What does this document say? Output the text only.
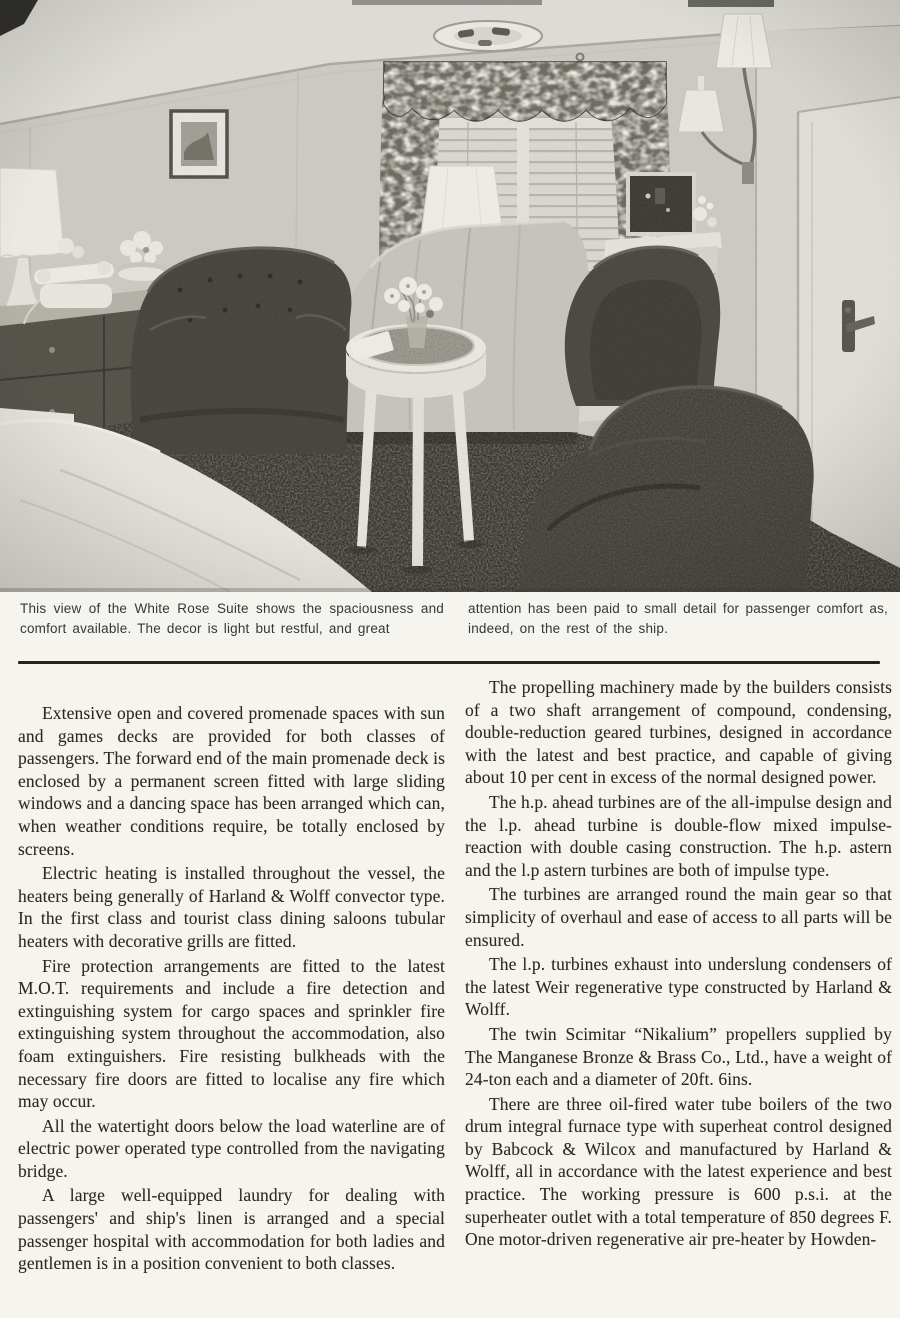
This view of the White Rose Suite shows the spaciousness and comfort available. The decor is light but restful, and great

attention has been paid to small detail for passenger comfort as, indeed, on the rest of the ship.

Extensive open and covered promenade spaces with sun and games decks are provided for both classes of passengers. The forward end of the main promenade deck is enclosed by a permanent screen fitted with large sliding windows and a dancing space has been arranged which can, when weather conditions require, be totally enclosed by screens.

Electric heating is installed throughout the vessel, the heaters being generally of Harland & Wolff convector type. In the first class and tourist class dining saloons tubular heaters with decorative grills are fitted.

Fire protection arrangements are fitted to the latest M.O.T. requirements and include a fire detection and extinguishing system for cargo spaces and sprinkler fire extinguishing system throughout the accommodation, also foam extinguishers. Fire resisting bulkheads with the necessary fire doors are fitted to localise any fire which may occur.

All the watertight doors below the load waterline are of electric power operated type controlled from the navigating bridge.

A large well-equipped laundry for dealing with passengers' and ship's linen is arranged and a special passenger hospital with accommodation for both ladies and gentlemen is in a position convenient to both classes.

The propelling machinery made by the builders consists of a two shaft arrangement of compound, condensing, double-reduction geared turbines, designed in accordance with the latest and best practice, and capable of giving about 10 per cent in excess of the normal designed power.

The h.p. ahead turbines are of the all-impulse design and the l.p. ahead turbine is double-flow mixed impulse-reaction with double casing construction. The h.p. astern and the l.p astern turbines are both of impulse type.

The turbines are arranged round the main gear so that simplicity of overhaul and ease of access to all parts will be ensured.

The l.p. turbines exhaust into underslung condensers of the latest Weir regenerative type constructed by Harland & Wolff.

The twin Scimitar “Nikalium” propellers supplied by The Manganese Bronze & Brass Co., Ltd., have a weight of 24-ton each and a diameter of 20ft. 6ins.

There are three oil-fired water tube boilers of the two drum integral furnace type with superheat control designed by Babcock & Wilcox and manufactured by Harland & Wolff, all in accordance with the latest experience and best practice. The working pressure is 600 p.s.i. at the superheater outlet with a total temperature of 850 degrees F. One motor-driven regenerative air pre-heater by Howden-
